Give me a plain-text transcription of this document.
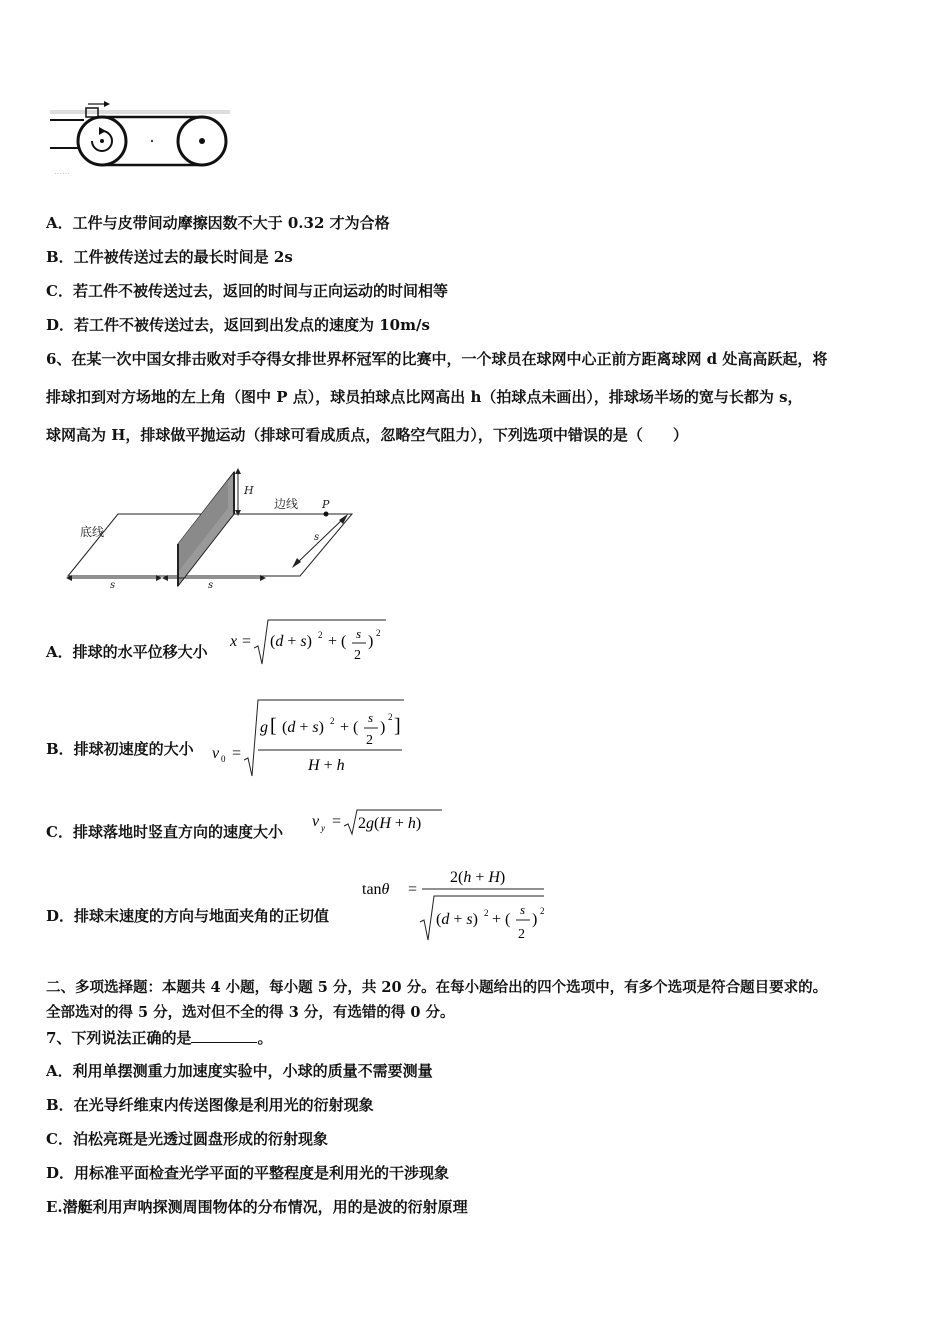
……
A．工件与皮带间动摩擦因数不大于 0.32 才为合格
B．工件被传送过去的最长时间是 2s
C．若工件不被传送过去，返回的时间与正向运动的时间相等
D．若工件不被传送过去，返回到出发点的速度为 10m/s
6、在某一次中国女排击败对手夺得女排世界杯冠军的比赛中，一个球员在球网中心正前方距离球网 d 处高高跃起，将
排球扣到对方场地的左上角（图中 P 点），球员拍球点比网高出 h（拍球点未画出），排球场半场的宽与长都为 s，
球网高为 H，排球做平抛运动（排球可看成质点，忽略空气阻力），下列选项中错误的是（　　）
H
边线 P
底线
s	s
s
A．排球的水平位移大小
x = (d + s) 2 + ( s
2
) 2
B．排球初速度的大小 v 0 =
g [ (d + s) 2 + (
s
2
)
2 ]
H + h
C．排球落地时竖直方向的速度大小
v y = 2g(H + h)
D．排球末速度的方向与地面夹角的正切值
tanθ =
2(h + H)
(d + s) 2 + (
s
2
) 2
二、多项选择题：本题共 4 小题，每小题 5 分，共 20 分。在每小题给出的四个选项中，有多个选项是符合题目要求的。
全部选对的得 5 分，选对但不全的得 3 分，有选错的得 0 分。
7、下列说法正确的是	。
A．利用单摆测重力加速度实验中，小球的质量不需要测量
B．在光导纤维束内传送图像是利用光的衍射现象
C．泊松亮斑是光透过圆盘形成的衍射现象
D．用标准平面检查光学平面的平整程度是利用光的干涉现象
E.潜艇利用声呐探测周围物体的分布情况，用的是波的衍射原理
